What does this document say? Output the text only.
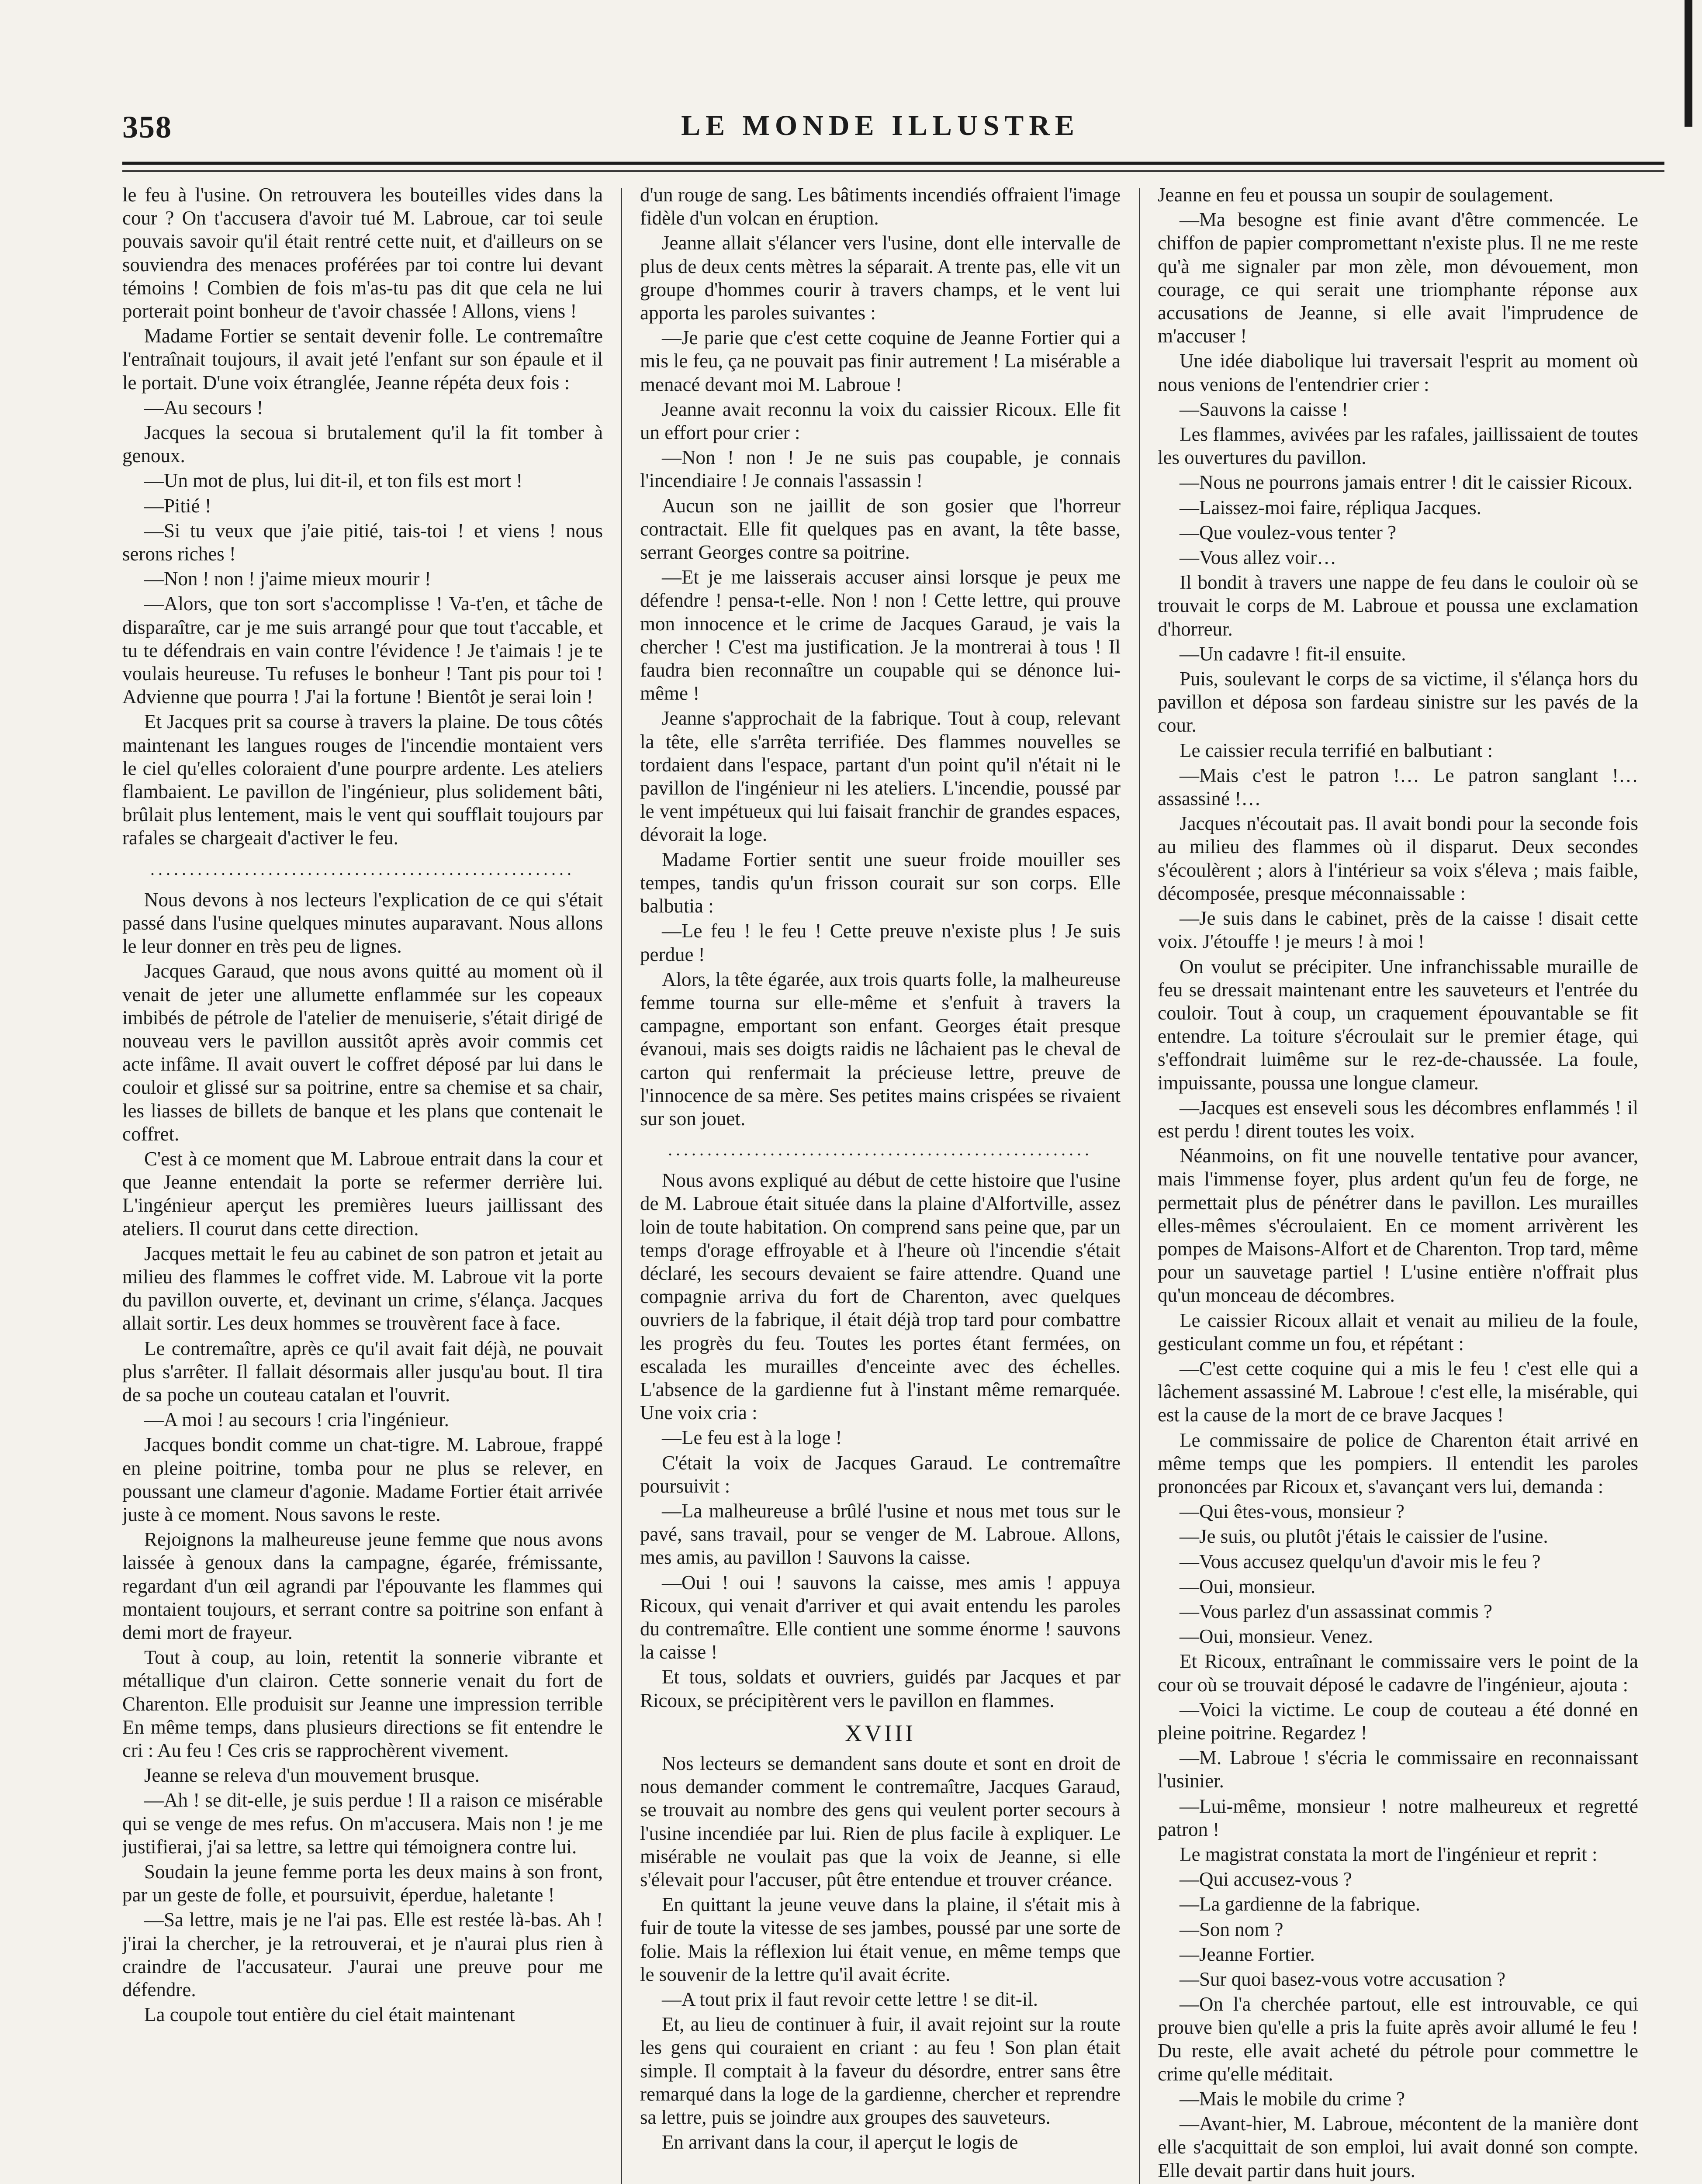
358	LE MONDE ILLUSTRE

le feu à l'usine. On retrouvera les bouteilles vides dans la cour ? On t'accusera d'avoir tué M. Labroue, car toi seule pouvais savoir qu'il était rentré cette nuit, et d'ailleurs on se souviendra des menaces proférées par toi contre lui devant témoins ! Combien de fois m'as-tu pas dit que cela ne lui porterait point bonheur de t'avoir chassée ! Allons, viens !

Madame Fortier se sentait devenir folle. Le contremaître l'entraînait toujours, il avait jeté l'enfant sur son épaule et il le portait. D'une voix étranglée, Jeanne répéta deux fois :

—Au secours !

Jacques la secoua si brutalement qu'il la fit tomber à genoux.

—Un mot de plus, lui dit-il, et ton fils est mort !

—Pitié !

—Si tu veux que j'aie pitié, tais-toi ! et viens ! nous serons riches !

—Non ! non ! j'aime mieux mourir !

—Alors, que ton sort s'accomplisse ! Va-t'en, et tâche de disparaître, car je me suis arrangé pour que tout t'accable, et tu te défendrais en vain contre l'évidence ! Je t'aimais ! je te voulais heureuse. Tu refuses le bonheur ! Tant pis pour toi ! Advienne que pourra ! J'ai la fortune ! Bientôt je serai loin !

Et Jacques prit sa course à travers la plaine. De tous côtés maintenant les langues rouges de l'incendie montaient vers le ciel qu'elles coloraient d'une pourpre ardente. Les ateliers flambaient. Le pavillon de l'ingénieur, plus solidement bâti, brûlait plus lentement, mais le vent qui soufflait toujours par rafales se chargeait d'activer le feu.

......................................................

Nous devons à nos lecteurs l'explication de ce qui s'était passé dans l'usine quelques minutes auparavant. Nous allons le leur donner en très peu de lignes.

Jacques Garaud, que nous avons quitté au moment où il venait de jeter une allumette enflammée sur les copeaux imbibés de pétrole de l'atelier de menuiserie, s'était dirigé de nouveau vers le pavillon aussitôt après avoir commis cet acte infâme. Il avait ouvert le coffret déposé par lui dans le couloir et glissé sur sa poitrine, entre sa chemise et sa chair, les liasses de billets de banque et les plans que contenait le coffret.

C'est à ce moment que M. Labroue entrait dans la cour et que Jeanne entendait la porte se refermer derrière lui. L'ingénieur aperçut les premières lueurs jaillissant des ateliers. Il courut dans cette direction.

Jacques mettait le feu au cabinet de son patron et jetait au milieu des flammes le coffret vide. M. Labroue vit la porte du pavillon ouverte, et, devinant un crime, s'élança. Jacques allait sortir. Les deux hommes se trouvèrent face à face.

Le contremaître, après ce qu'il avait fait déjà, ne pouvait plus s'arrêter. Il fallait désormais aller jusqu'au bout. Il tira de sa poche un couteau catalan et l'ouvrit.

—A moi ! au secours ! cria l'ingénieur.

Jacques bondit comme un chat-tigre. M. Labroue, frappé en pleine poitrine, tomba pour ne plus se relever, en poussant une clameur d'agonie. Madame Fortier était arrivée juste à ce moment. Nous savons le reste.

Rejoignons la malheureuse jeune femme que nous avons laissée à genoux dans la campagne, égarée, frémissante, regardant d'un œil agrandi par l'épouvante les flammes qui montaient toujours, et serrant contre sa poitrine son enfant à demi mort de frayeur.

Tout à coup, au loin, retentit la sonnerie vibrante et métallique d'un clairon. Cette sonnerie venait du fort de Charenton. Elle produisit sur Jeanne une impression terrible En même temps, dans plusieurs directions se fit entendre le cri : Au feu ! Ces cris se rapprochèrent vivement.

Jeanne se releva d'un mouvement brusque.

—Ah ! se dit-elle, je suis perdue ! Il a raison ce misérable qui se venge de mes refus. On m'accusera. Mais non ! je me justifierai, j'ai sa lettre, sa lettre qui témoignera contre lui.

Soudain la jeune femme porta les deux mains à son front, par un geste de folle, et poursuivit, éperdue, haletante !

—Sa lettre, mais je ne l'ai pas. Elle est restée là-bas. Ah ! j'irai la chercher, je la retrouverai, et je n'aurai plus rien à craindre de l'accusateur. J'aurai une preuve pour me défendre.

La coupole tout entière du ciel était maintenant

d'un rouge de sang. Les bâtiments incendiés offraient l'image fidèle d'un volcan en éruption.

Jeanne allait s'élancer vers l'usine, dont elle intervalle de plus de deux cents mètres la séparait. A trente pas, elle vit un groupe d'hommes courir à travers champs, et le vent lui apporta les paroles suivantes :

—Je parie que c'est cette coquine de Jeanne Fortier qui a mis le feu, ça ne pouvait pas finir autrement ! La misérable a menacé devant moi M. Labroue !

Jeanne avait reconnu la voix du caissier Ricoux. Elle fit un effort pour crier :

—Non ! non ! Je ne suis pas coupable, je connais l'incendiaire ! Je connais l'assassin !

Aucun son ne jaillit de son gosier que l'horreur contractait. Elle fit quelques pas en avant, la tête basse, serrant Georges contre sa poitrine.

—Et je me laisserais accuser ainsi lorsque je peux me défendre ! pensa-t-elle. Non ! non ! Cette lettre, qui prouve mon innocence et le crime de Jacques Garaud, je vais la chercher ! C'est ma justification. Je la montrerai à tous ! Il faudra bien reconnaître un coupable qui se dénonce lui-même !

Jeanne s'approchait de la fabrique. Tout à coup, relevant la tête, elle s'arrêta terrifiée. Des flammes nouvelles se tordaient dans l'espace, partant d'un point qu'il n'était ni le pavillon de l'ingénieur ni les ateliers. L'incendie, poussé par le vent impétueux qui lui faisait franchir de grandes espaces, dévorait la loge.

Madame Fortier sentit une sueur froide mouiller ses tempes, tandis qu'un frisson courait sur son corps. Elle balbutia :

—Le feu ! le feu ! Cette preuve n'existe plus ! Je suis perdue !

Alors, la tête égarée, aux trois quarts folle, la malheureuse femme tourna sur elle-même et s'enfuit à travers la campagne, emportant son enfant. Georges était presque évanoui, mais ses doigts raidis ne lâchaient pas le cheval de carton qui renfermait la précieuse lettre, preuve de l'innocence de sa mère. Ses petites mains crispées se rivaient sur son jouet.

......................................................

Nous avons expliqué au début de cette histoire que l'usine de M. Labroue était située dans la plaine d'Alfortville, assez loin de toute habitation. On comprend sans peine que, par un temps d'orage effroyable et à l'heure où l'incendie s'était déclaré, les secours devaient se faire attendre. Quand une compagnie arriva du fort de Charenton, avec quelques ouvriers de la fabrique, il était déjà trop tard pour combattre les progrès du feu. Toutes les portes étant fermées, on escalada les murailles d'enceinte avec des échelles. L'absence de la gardienne fut à l'instant même remarquée. Une voix cria :

—Le feu est à la loge !

C'était la voix de Jacques Garaud. Le contremaître poursuivit :

—La malheureuse a brûlé l'usine et nous met tous sur le pavé, sans travail, pour se venger de M. Labroue. Allons, mes amis, au pavillon ! Sauvons la caisse.

—Oui ! oui ! sauvons la caisse, mes amis ! appuya Ricoux, qui venait d'arriver et qui avait entendu les paroles du contremaître. Elle contient une somme énorme ! sauvons la caisse !

Et tous, soldats et ouvriers, guidés par Jacques et par Ricoux, se précipitèrent vers le pavillon en flammes.

XVIII

Nos lecteurs se demandent sans doute et sont en droit de nous demander comment le contremaître, Jacques Garaud, se trouvait au nombre des gens qui veulent porter secours à l'usine incendiée par lui. Rien de plus facile à expliquer. Le misérable ne voulait pas que la voix de Jeanne, si elle s'élevait pour l'accuser, pût être entendue et trouver créance.

En quittant la jeune veuve dans la plaine, il s'était mis à fuir de toute la vitesse de ses jambes, poussé par une sorte de folie. Mais la réflexion lui était venue, en même temps que le souvenir de la lettre qu'il avait écrite.

—A tout prix il faut revoir cette lettre ! se dit-il.

Et, au lieu de continuer à fuir, il avait rejoint sur la route les gens qui couraient en criant : au feu ! Son plan était simple. Il comptait à la faveur du désordre, entrer sans être remarqué dans la loge de la gardienne, chercher et reprendre sa lettre, puis se joindre aux groupes des sauveteurs.

En arrivant dans la cour, il aperçut le logis de

Jeanne en feu et poussa un soupir de soulagement.

—Ma besogne est finie avant d'être commencée. Le chiffon de papier compromettant n'existe plus. Il ne me reste qu'à me signaler par mon zèle, mon dévouement, mon courage, ce qui serait une triomphante réponse aux accusations de Jeanne, si elle avait l'imprudence de m'accuser !

Une idée diabolique lui traversait l'esprit au moment où nous venions de l'entendrier crier :

—Sauvons la caisse !

Les flammes, avivées par les rafales, jaillissaient de toutes les ouvertures du pavillon.

—Nous ne pourrons jamais entrer ! dit le caissier Ricoux.

—Laissez-moi faire, répliqua Jacques.

—Que voulez-vous tenter ?

—Vous allez voir…

Il bondit à travers une nappe de feu dans le couloir où se trouvait le corps de M. Labroue et poussa une exclamation d'horreur.

—Un cadavre ! fit-il ensuite.

Puis, soulevant le corps de sa victime, il s'élança hors du pavillon et déposa son fardeau sinistre sur les pavés de la cour.

Le caissier recula terrifié en balbutiant :

—Mais c'est le patron !… Le patron sanglant !… assassiné !…

Jacques n'écoutait pas. Il avait bondi pour la seconde fois au milieu des flammes où il disparut. Deux secondes s'écoulèrent ; alors à l'intérieur sa voix s'éleva ; mais faible, décomposée, presque méconnaissable :

—Je suis dans le cabinet, près de la caisse ! disait cette voix. J'étouffe ! je meurs ! à moi !

On voulut se précipiter. Une infranchissable muraille de feu se dressait maintenant entre les sauveteurs et l'entrée du couloir. Tout à coup, un craquement épouvantable se fit entendre. La toiture s'écroulait sur le premier étage, qui s'effondrait luimême sur le rez-de-chaussée. La foule, impuissante, poussa une longue clameur.

—Jacques est enseveli sous les décombres enflammés ! il est perdu ! dirent toutes les voix.

Néanmoins, on fit une nouvelle tentative pour avancer, mais l'immense foyer, plus ardent qu'un feu de forge, ne permettait plus de pénétrer dans le pavillon. Les murailles elles-mêmes s'écroulaient. En ce moment arrivèrent les pompes de Maisons-Alfort et de Charenton. Trop tard, même pour un sauvetage partiel ! L'usine entière n'offrait plus qu'un monceau de décombres.

Le caissier Ricoux allait et venait au milieu de la foule, gesticulant comme un fou, et répétant :

—C'est cette coquine qui a mis le feu ! c'est elle qui a lâchement assassiné M. Labroue ! c'est elle, la misérable, qui est la cause de la mort de ce brave Jacques !

Le commissaire de police de Charenton était arrivé en même temps que les pompiers. Il entendit les paroles prononcées par Ricoux et, s'avançant vers lui, demanda :

—Qui êtes-vous, monsieur ?

—Je suis, ou plutôt j'étais le caissier de l'usine.

—Vous accusez quelqu'un d'avoir mis le feu ?

—Oui, monsieur.

—Vous parlez d'un assassinat commis ?

—Oui, monsieur. Venez.

Et Ricoux, entraînant le commissaire vers le point de la cour où se trouvait déposé le cadavre de l'ingénieur, ajouta :

—Voici la victime. Le coup de couteau a été donné en pleine poitrine. Regardez !

—M. Labroue ! s'écria le commissaire en reconnaissant l'usinier.

—Lui-même, monsieur ! notre malheureux et regretté patron !

Le magistrat constata la mort de l'ingénieur et reprit :

—Qui accusez-vous ?

—La gardienne de la fabrique.

—Son nom ?

—Jeanne Fortier.

—Sur quoi basez-vous votre accusation ?

—On l'a cherchée partout, elle est introuvable, ce qui prouve bien qu'elle a pris la fuite après avoir allumé le feu ! Du reste, elle avait acheté du pétrole pour commettre le crime qu'elle méditait.

—Mais le mobile du crime ?

—Avant-hier, M. Labroue, mécontent de la manière dont elle s'acquittait de son emploi, lui avait donné son compte. Elle devait partir dans huit jours.
